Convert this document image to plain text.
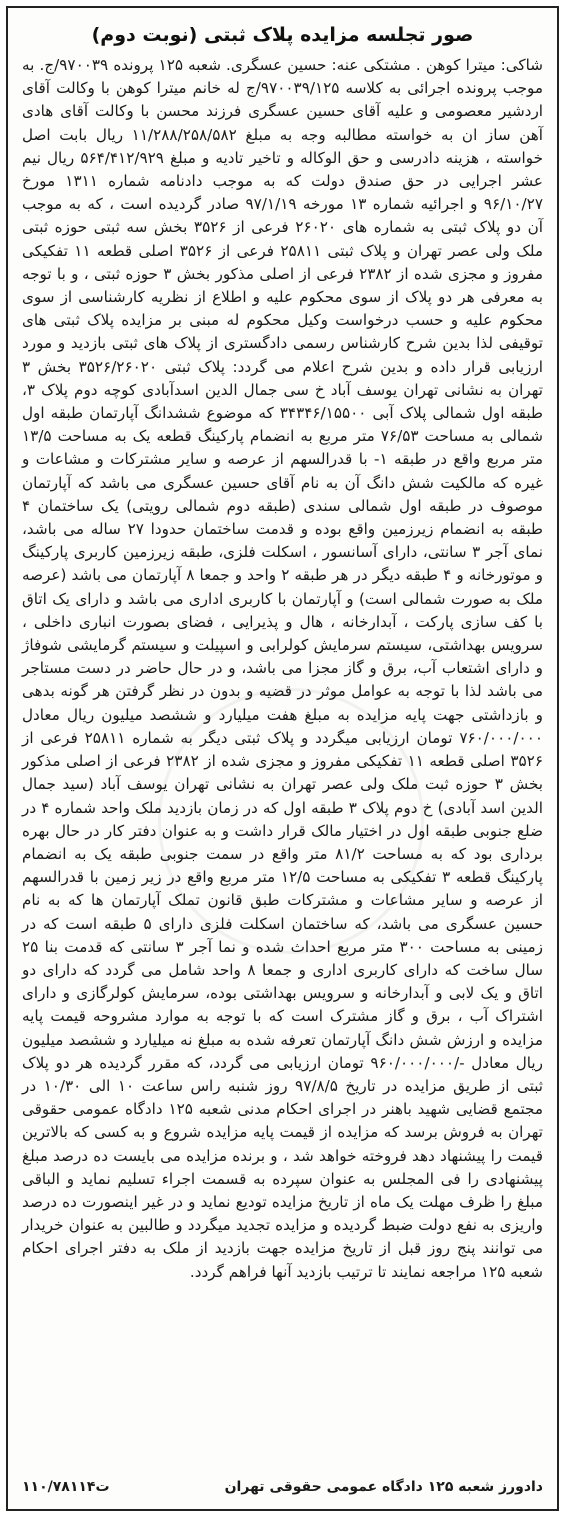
صور تجلسه مزایده پلاک ثبتی (نوبت دوم)

شاکی: میترا کوهن . مشتکی عنه: حسین عسگری. شعبه ۱۲۵ پرونده ۹۷۰۰۳۹/ج. به موجب پرونده اجرائی به کلاسه ۹۷۰۰۳۹/۱۲۵/ج له خانم میترا کوهن با وکالت آقای اردشیر معصومی و علیه آقای حسین عسگری فرزند محسن با وکالت آقای هادی آهن ساز ان به خواسته مطالبه وجه به مبلغ ۱۱/۲۸۸/۲۵۸/۵۸۲ ریال بابت اصل خواسته ، هزینه دادرسی و حق الوکاله و تاخیر تادیه و مبلغ ۵۶۴/۴۱۲/۹۲۹ ریال نیم عشر اجرایی در حق صندق دولت که به موجب دادنامه شماره ۱۳۱۱ مورخ ۹۶/۱۰/۲۷ و اجرائیه شماره ۱۳ مورخه ۹۷/۱/۱۹ صادر گردیده است ، که به موجب آن دو پلاک ثبتی به شماره های ۲۶۰۲۰ فرعی از ۳۵۲۶ بخش سه ثبتی حوزه ثبتی ملک ولی عصر تهران و پلاک ثبتی ۲۵۸۱۱ فرعی از ۳۵۲۶ اصلی قطعه ۱۱ تفکیکی مفروز و مجزی شده از ۲۳۸۲ فرعی از اصلی مذکور بخش ۳ حوزه ثبتی ، و با توجه به معرفی هر دو پلاک از سوی محکوم علیه و اطلاع از نظریه کارشناسی از سوی محکوم علیه و حسب درخواست وکیل محکوم له مبنی بر مزایده پلاک ثبتی های توقیفی لذا بدین شرح کارشناس رسمی دادگستری از پلاک های ثبتی بازدید و مورد ارزیابی قرار داده و بدین شرح اعلام می گردد: پلاک ثبتی ۳۵۲۶/۲۶۰۲۰ بخش ۳ تهران به نشانی تهران یوسف آباد خ سی جمال الدین اسدآبادی کوچه دوم پلاک ۳، طبقه اول شمالی پلاک آبی ۳۴۳۴۶/۱۵۵۰۰ که موضوع ششدانگ آپارتمان طبقه اول شمالی به مساحت ۷۶/۵۳ متر مربع به انضمام پارکینگ قطعه یک به مساحت ۱۳/۵ متر مربع واقع در طبقه ۱- با قدرالسهم از عرصه و سایر مشترکات و مشاعات و غیره که مالکیت شش دانگ آن به نام آقای حسین عسگری می باشد که آپارتمان موصوف در طبقه اول شمالی سندی (طبقه دوم شمالی رویتی) یک ساختمان ۴ طبقه به انضمام زیرزمین واقع بوده و قدمت ساختمان حدودا ۲۷ ساله می باشد، نمای آجر ۳ سانتی، دارای آسانسور ، اسکلت فلزی، طبقه زیرزمین کاربری پارکینگ و موتورخانه و ۴ طبقه دیگر در هر طبقه ۲ واحد و جمعا ۸ آپارتمان می باشد (عرصه ملک به صورت شمالی است) و آپارتمان با کاربری اداری می باشد و دارای یک اتاق با کف سازی پارکت ، آبدارخانه ، هال و پذیرایی ، فضای بصورت انباری داخلی ، سرویس بهداشتی، سیستم سرمایش کولرابی و اسپیلت و سیستم گرمایشی شوفاژ و دارای اشتعاب آب، برق و گاز مجزا می باشد، و در حال حاضر در دست مستاجر می باشد لذا با توجه به عوامل موثر در قضیه و بدون در نظر گرفتن هر گونه بدهی و بازداشتی جهت پایه مزایده به مبلغ هفت میلیارد و ششصد میلیون ریال معادل ۷۶۰/۰۰۰/۰۰۰ تومان ارزیابی میگردد و پلاک ثبتی دیگر به شماره ۲۵۸۱۱ فرعی از ۳۵۲۶ اصلی قطعه ۱۱ تفکیکی مفروز و مجزی شده از ۲۳۸۲ فرعی از اصلی مذکور بخش ۳ حوزه ثبت ملک ولی عصر تهران به نشانی تهران یوسف آباد (سید جمال الدین اسد آبادی) خ دوم پلاک ۳ طبقه اول که در زمان بازدید ملک واحد شماره ۴ در ضلع جنوبی طبقه اول در اختیار مالک قرار داشت و به عنوان دفتر کار در حال بهره برداری بود که به مساحت ۸۱/۲ متر واقع در سمت جنوبی طبقه یک به انضمام پارکینگ قطعه ۳ تفکیکی به مساحت ۱۲/۵ متر مربع واقع در زیر زمین با قدرالسهم از عرصه و سایر مشاعات و مشترکات طبق قانون تملک آپارتمان ها که به نام حسین عسگری می باشد، که ساختمان اسکلت فلزی دارای ۵ طبقه است که در زمینی به مساحت ۳۰۰ متر مربع احداث شده و نما آجر ۳ سانتی که قدمت بنا ۲۵ سال ساخت که دارای کاربری اداری و جمعا ۸ واحد شامل می گردد که دارای دو اتاق و یک لابی و آبدارخانه و سرویس بهداشتی بوده، سرمایش کولرگازی و دارای اشتراک آب ، برق و گاز مشترک است که با توجه به موارد مشروحه قیمت پایه مزایده و ارزش شش دانگ آپارتمان تعرفه شده به مبلغ نه میلیارد و ششصد میلیون ریال معادل -/۹۶۰/۰۰۰/۰۰۰ تومان ارزیابی می گردد، که مقرر گردیده هر دو پلاک ثبتی از طریق مزایده در تاریخ ۹۷/۸/۵ روز شنبه راس ساعت ۱۰ الی ۱۰/۳۰ در مجتمع قضایی شهید باهنر در اجرای احکام مدنی شعبه ۱۲۵ دادگاه عمومی حقوقی تهران به فروش برسد که مزایده از قیمت پایه مزایده شروع و به کسی که بالاترین قیمت را پیشنهاد دهد فروخته خواهد شد ، و برنده مزایده می بایست ده درصد مبلغ پیشنهادی را فی المجلس به عنوان سپرده به قسمت اجراء تسلیم نماید و الباقی مبلغ را ظرف مهلت یک ماه از تاریخ مزایده تودیع نماید و در غیر اینصورت ده درصد واریزی به نفع دولت ضبط گردیده و مزایده تجدید میگردد و طالبین به عنوان خریدار می توانند پنج روز قبل از تاریخ مزایده جهت بازدید از ملک به دفتر اجرای احکام شعبه ۱۲۵ مراجعه نمایند تا ترتیب بازدید آنها فراهم گردد.

دادورز شعبه ۱۲۵ دادگاه عمومی حقوقی تهران
۱۱۰/۷۸۱۱۴ت
